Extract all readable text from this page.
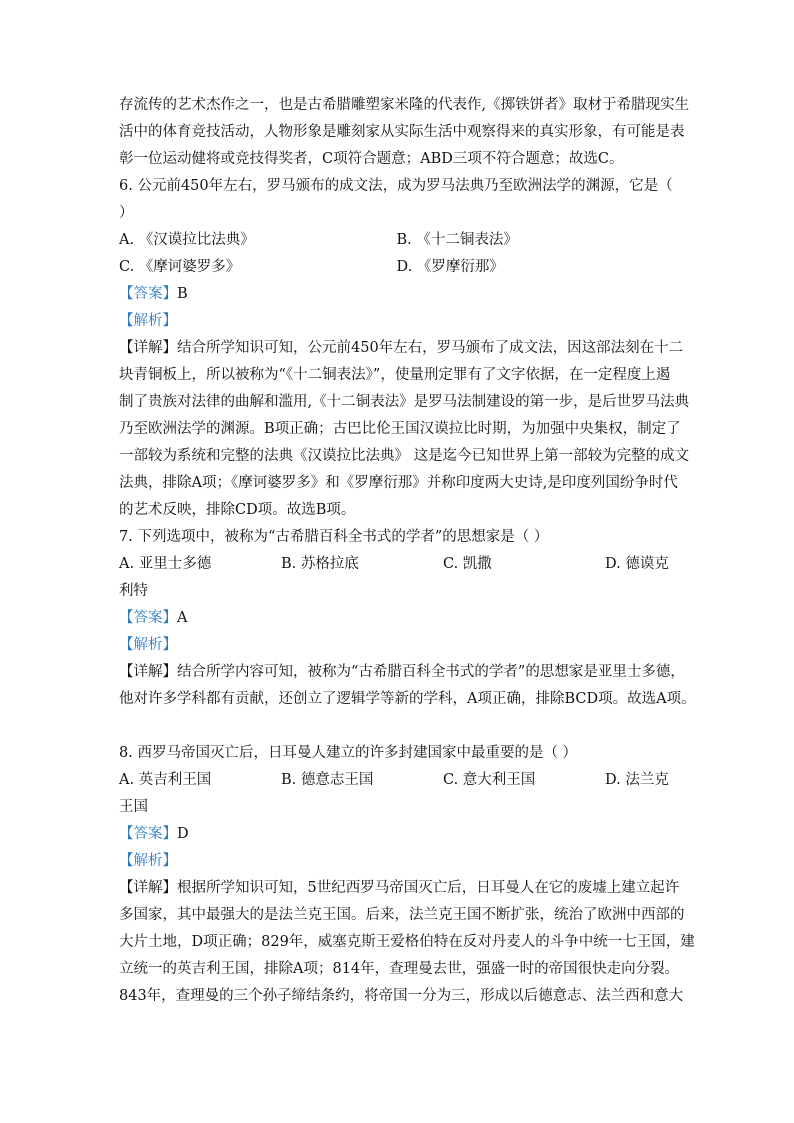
存流传的艺术杰作之一，也是古希腊雕塑家米隆的代表作,《掷铁饼者》取材于希腊现实生
活中的体育竞技活动，人物形象是雕刻家从实际生活中观察得来的真实形象，有可能是表
彰一位运动健将或竞技得奖者，C项符合题意；ABD三项不符合题意；故选C。
6. 公元前450年左右，罗马颁布的成文法，成为罗马法典乃至欧洲法学的渊源，它是（
）
A. 《汉谟拉比法典》	B. 《十二铜表法》
C. 《摩诃婆罗多》	D. 《罗摩衍那》
【答案】B
【解析】
【详解】结合所学知识可知，公元前450年左右，罗马颁布了成文法，因这部法刻在十二
块青铜板上，所以被称为“《十二铜表法》”，使量刑定罪有了文字依据，在一定程度上遏
制了贵族对法律的曲解和滥用,《十二铜表法》是罗马法制建设的第一步，是后世罗马法典
乃至欧洲法学的渊源。B项正确；古巴比伦王国汉谟拉比时期，为加强中央集权，制定了
一部较为系统和完整的法典《汉谟拉比法典》 这是迄今已知世界上第一部较为完整的成文
法典，排除A项；《摩诃婆罗多》和《罗摩衍那》并称印度两大史诗,是印度列国纷争时代
的艺术反映，排除CD项。故选B项。
7. 下列选项中，被称为“古希腊百科全书式的学者”的思想家是（ ）
A. 亚里士多德	B. 苏格拉底	C. 凯撒	D. 德谟克
利特
【答案】A
【解析】
【详解】结合所学内容可知，被称为“古希腊百科全书式的学者”的思想家是亚里士多德，
他对许多学科都有贡献，还创立了逻辑学等新的学科，A项正确，排除BCD项。故选A项。
8. 西罗马帝国灭亡后，日耳曼人建立的许多封建国家中最重要的是（ ）
A. 英吉利王国	B. 德意志王国	C. 意大利王国	D. 法兰克
王国
【答案】D
【解析】
【详解】根据所学知识可知，5世纪西罗马帝国灭亡后，日耳曼人在它的废墟上建立起许
多国家，其中最强大的是法兰克王国。后来，法兰克王国不断扩张，统治了欧洲中西部的
大片土地，D项正确；829年，威塞克斯王爱格伯特在反对丹麦人的斗争中统一七王国，建
立统一的英吉利王国，排除A项；814年，查理曼去世，强盛一时的帝国很快走向分裂。
843年，查理曼的三个孙子缔结条约，将帝国一分为三，形成以后德意志、法兰西和意大
